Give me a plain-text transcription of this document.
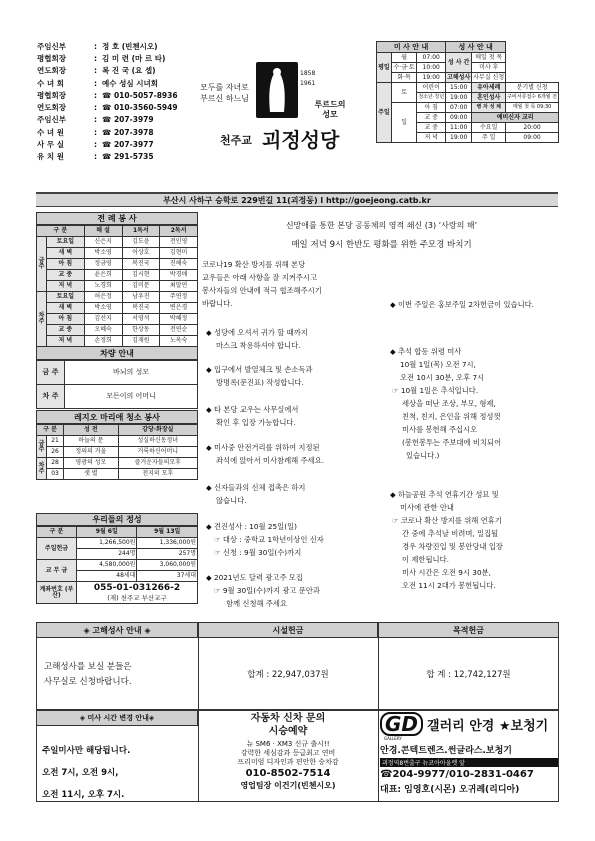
주임신부	: 정 호 (빈첸시오)
평협회장	: 김 미 련 (마 르 타)
연도회장	: 복 진 국 (요 셉)
수 녀 회	: 예수 성심 시녀회
평협회장	: ☎ 010-5057-8936
연도회장	: ☎ 010-3560-5949
주임신부	: ☎ 207-3979
수 녀 원	: ☎ 207-3978
사 무 실	: ☎ 207-3977
유 치 원	: ☎ 291-5735
모두를 자녀로 부르신 하느님
1858
1961
루르드의 성모
천주교 괴정성당
미 사 안 내			성 사 안 내		
평일	월	07:00	성 사 간	매일 첫 목	
	수·금·토	10:00		미사 후	
	화·목	19:00	고해성사	사무실 신청	
주일	토	어린이	15:00	유아세례	분기별 신청
		청소년·청년	19:00	혼인성사	구비서류접수 6개월 전
	일	아 침	07:00	병 자 성 체	매월 첫 목 09:30
		교 중	09:00	예비신자 교리	
		교 중	11:00	수요일	20:00
		저 녁	19:00	주 일	09:00
부산시 사하구 승학로 229번길 11(괴정동) l http://goejeong.catb.kr
전 례 봉 사
구 분		해 설	1독서	2독서
금주	토요일	신은지	김도윤	전인영
	새 벽	박소영	이상호	김현미
	아 침	정금영	복진국	진해숙
	교 중	윤은희	김시현	박경애
	저 녁	노경희	김미문	최말연
차주	토요일	허은정	남우진	주연정
	새 벽	박소영	복진국	변은경
	아 침	김선지	서영석	박혜정
	교 중	오혜숙	한상동	전연순
	저 녁	손정희	김재원	노옥숙
차량 안내
금 주	바뇌의 성모
차 주	모든이의 어머니
레지오 마리애 청소 봉사
구 분		성 전	강당·화장실
금주	21	하늘의 문	성실하신동정녀
	26	정의의 거울	거룩하신어머니
차주	28	영광의 성모	즐거운자들의모후
	03	샛 별	천지의 모후
우리들의 정성
구 분	9월 6일	9월 13일
주일헌금	1,266,500원	1,336,000원
	244명	257명
교 무 금	4,580,000원	3,060,000원
	48세대	37세대
계좌번호 (부산)	055-01-031266-2
(재) 천주교 부산교구	
신망애를 통한 본당 공동체의 영적 쇄신 (3) ‘사랑의 해’
매일 저녁 9시 한반도 평화를 위한 주모경 바치기
코로나19 확산 방지를 위해 본당
교우들은 아래 사항을 잘 지켜주시고
봉사자들의 안내에 적극 협조해주시기
바랍니다.
◆ 성당에 오셔서 귀가 할 때까지
마스크 착용하셔야 합니다.
◆ 입구에서 발열체크 및 손소독과
방명록(문진표) 작성합니다.
◆ 타 본당 교우는 사무실에서
확인 후 입장 가능합니다.
◆ 미사중 안전거리를 위하여 지정된
좌석에 앉아서 미사참례해 주세요.
◆ 신자들과의 신체 접촉은 하지
않습니다.
◆ 견진성사 : 10월 25일(일)
☞ 대상 : 중학교 1학년이상인 신자
☞ 신청 : 9월 30일(수)까지
◆ 2021년도 달력 광고주 모집
☞ 9월 30일(수)까지 광고 문안과
함께 신청해 주세요
◆ 이번 주일은 홍보주일 2차헌금이 있습니다.
◆ 추석 합동 위령 미사
10월 1일(목) 오전 7시,
오전 10시 30분, 오후 7시
☞ 10월 1일은 추석입니다.
세상을 떠난 조상, 부모, 형제,
친척, 친지, 은인을 위해 정성껏
미사를 봉헌해 주십시오
(봉헌봉투는 주보대에 비치되어
있습니다.)
◆ 하늘공원 추석 연휴기간 성묘 및
미사에 관한 안내
☞ 코로나 확산 방지를 위해 연휴기
간 중에 추석날 비려며, 밀집될
경우 차량진입 및 봉안당내 입장
이 제한됩니다.
미사 시간은 오전 9시 30분,
오전 11시 2대가 봉헌됩니다.
◈ 고해성사 안내 ◈	시설헌금	목적헌금
고해성사를 보실 분들은
사무실로 신청바랍니다.
합계 : 22,947,037원	합 계 : 12,742,127원
◈ 미사 시간 변경 안내◈
주일미사만 해당됩니다.
오전 7시, 오전 9시,
오전 11시, 오후 7시.
자동차 신차 문의
시승예약
뉴 SM6 · XM3 신규 출시!!
강력한 세심감과 등급최고 연비
프리미엄 디자인과 편안한 승차감
010-8502-7514
영업팀장 이건기(빈첸시오)
GD 갤러리 안경 ★보청기
GALLERY
안경.콘텍트렌즈.썬글라스.보청기
괴정역8번출구 뉴코아아울렛 앞
☎204-9977/010-2831-0467
대표: 임영호(시몬) 오귀례(리디아)
